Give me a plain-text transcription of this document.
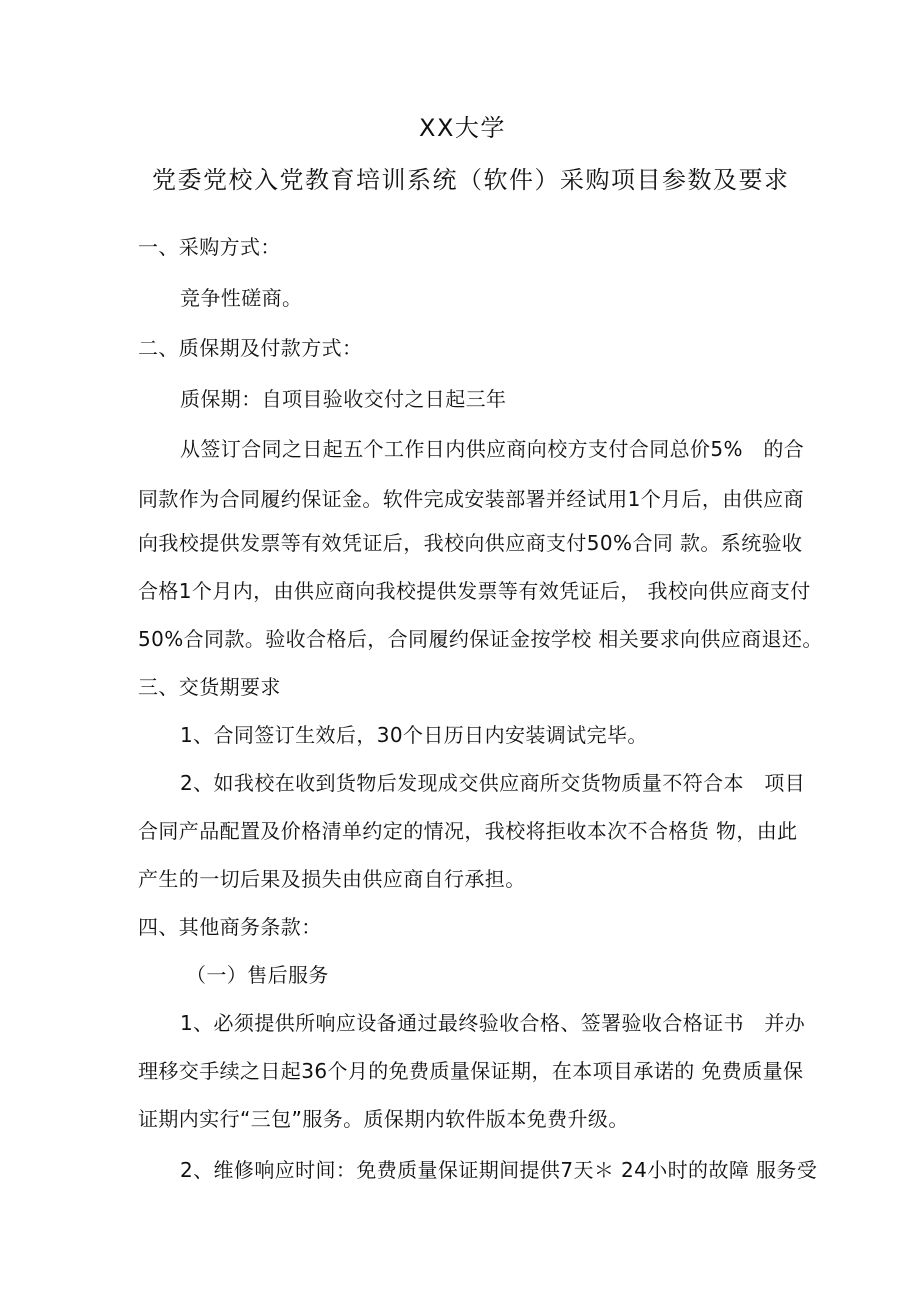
XX大学
党委党校入党教育培训系统（软件）采购项目参数及要求
一、采购方式：
竞争性磋商。
二、质保期及付款方式：
质保期：自项目验收交付之日起三年
从签订合同之日起五个工作日内供应商向校方支付合同总价5%　的合
同款作为合同履约保证金。软件完成安装部署并经试用1个月后，由供应商
向我校提供发票等有效凭证后，我校向供应商支付50%合同 款。系统验收
合格1个月内，由供应商向我校提供发票等有效凭证后， 我校向供应商支付
50%合同款。验收合格后，合同履约保证金按学校 相关要求向供应商退还。
三、交货期要求
1、合同签订生效后，30个日历日内安装调试完毕。
2、如我校在收到货物后发现成交供应商所交货物质量不符合本　项目
合同产品配置及价格清单约定的情况，我校将拒收本次不合格货 物，由此
产生的一切后果及损失由供应商自行承担。
四、其他商务条款：
（一）售后服务
1、必须提供所响应设备通过最终验收合格、签署验收合格证书　并办
理移交手续之日起36个月的免费质量保证期，在本项目承诺的 免费质量保
证期内实行“三包”服务。质保期内软件版本免费升级。
2、维修响应时间：免费质量保证期间提供7天＊ 24小时的故障 服务受
